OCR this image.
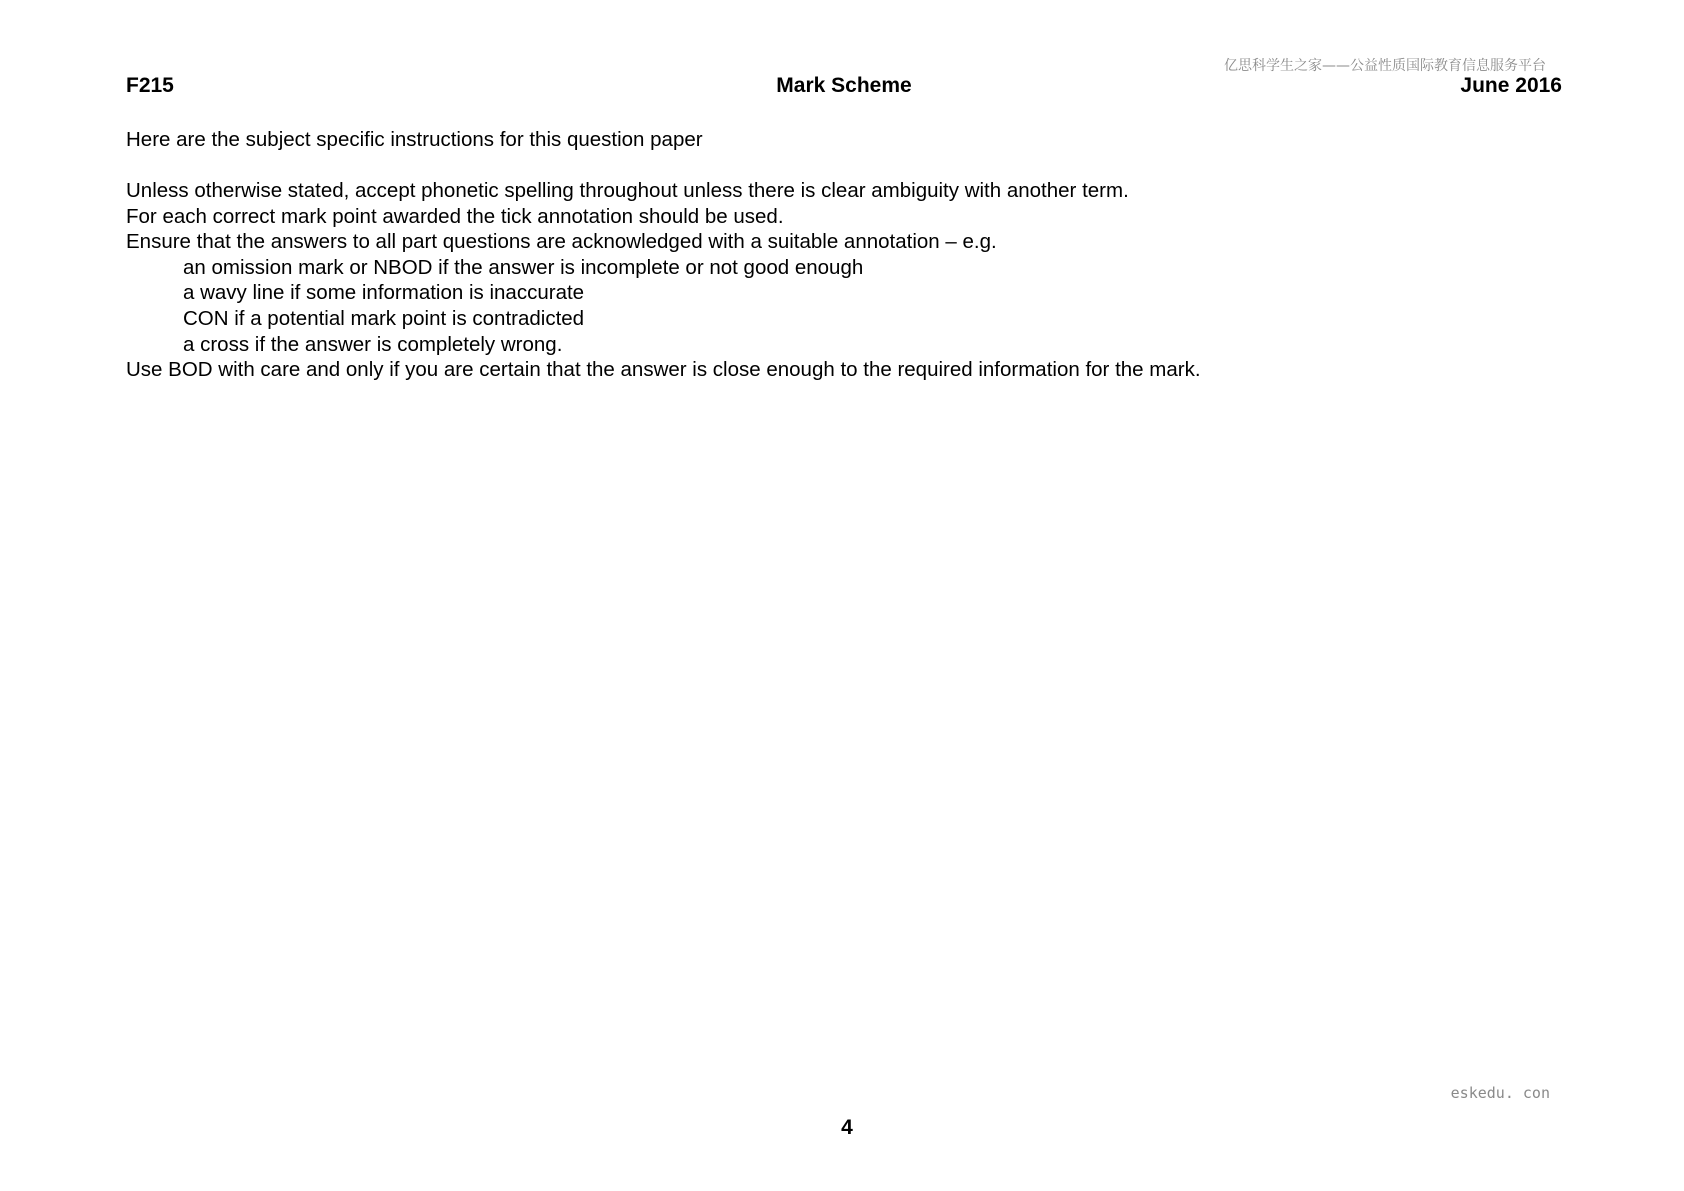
亿思科学生之家——公益性质国际教育信息服务平台
F215	Mark Scheme	June 2016
Here are the subject specific instructions for this question paper
Unless otherwise stated, accept phonetic spelling throughout unless there is clear ambiguity with another term.
For each correct mark point awarded the tick annotation should be used.
Ensure that the answers to all part questions are acknowledged with a suitable annotation – e.g.
an omission mark or NBOD if the answer is incomplete or not good enough
a wavy line if some information is inaccurate
CON if a potential mark point is contradicted
a cross if the answer is completely wrong.
Use BOD with care and only if you are certain that the answer is close enough to the required information for the mark.
eskedu. con
4
